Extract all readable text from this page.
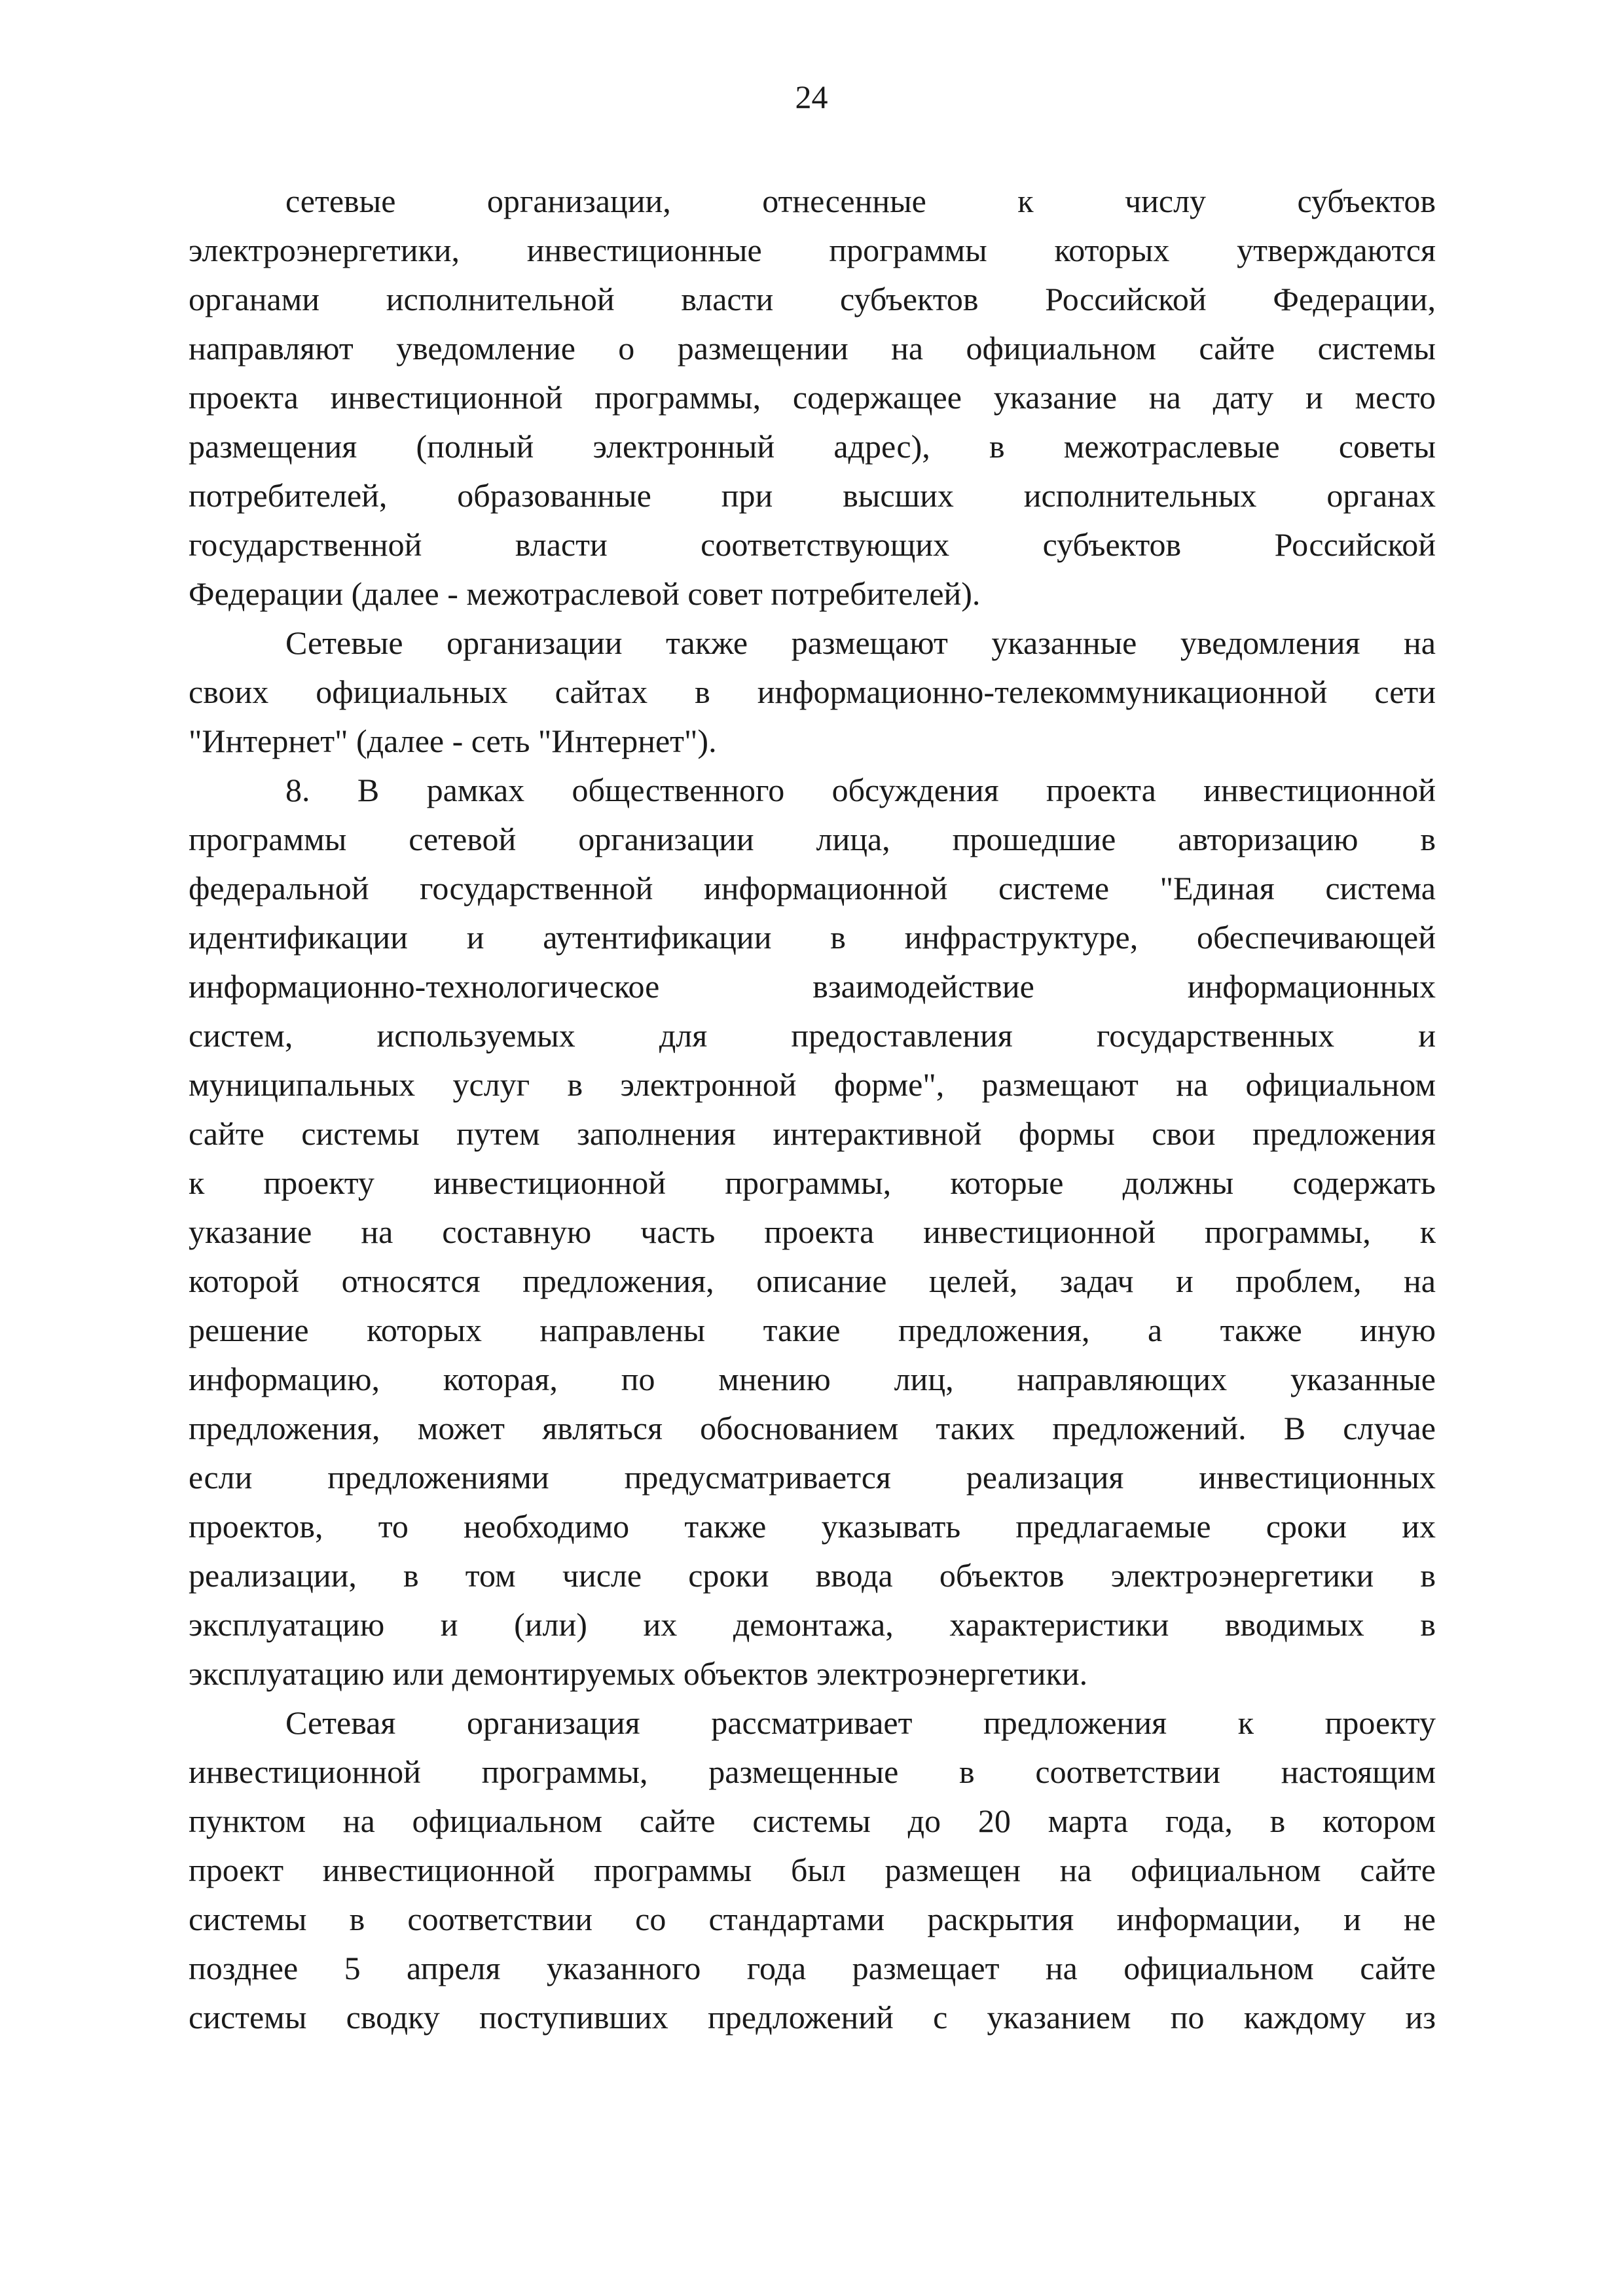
24
сетевые организации, отнесенные к числу субъектов
электроэнергетики, инвестиционные программы которых утверждаются
органами исполнительной власти субъектов Российской Федерации,
направляют уведомление о размещении на официальном сайте системы
проекта инвестиционной программы, содержащее указание на дату и место
размещения (полный электронный адрес), в межотраслевые советы
потребителей, образованные при высших исполнительных органах
государственной власти соответствующих субъектов Российской
Федерации (далее - межотраслевой совет потребителей).
Сетевые организации также размещают указанные уведомления на
своих официальных сайтах в информационно-телекоммуникационной сети
"Интернет" (далее - сеть "Интернет").
8. В рамках общественного обсуждения проекта инвестиционной
программы сетевой организации лица, прошедшие авторизацию в
федеральной государственной информационной системе "Единая система
идентификации и аутентификации в инфраструктуре, обеспечивающей
информационно-технологическое взаимодействие информационных
систем, используемых для предоставления государственных и
муниципальных услуг в электронной форме", размещают на официальном
сайте системы путем заполнения интерактивной формы свои предложения
к проекту инвестиционной программы, которые должны содержать
указание на составную часть проекта инвестиционной программы, к
которой относятся предложения, описание целей, задач и проблем, на
решение которых направлены такие предложения, а также иную
информацию, которая, по мнению лиц, направляющих указанные
предложения, может являться обоснованием таких предложений. В случае
если предложениями предусматривается реализация инвестиционных
проектов, то необходимо также указывать предлагаемые сроки их
реализации, в том числе сроки ввода объектов электроэнергетики в
эксплуатацию и (или) их демонтажа, характеристики вводимых в
эксплуатацию или демонтируемых объектов электроэнергетики.
Сетевая организация рассматривает предложения к проекту
инвестиционной программы, размещенные в соответствии настоящим
пунктом на официальном сайте системы до 20 марта года, в котором
проект инвестиционной программы был размещен на официальном сайте
системы в соответствии со стандартами раскрытия информации, и не
позднее 5 апреля указанного года размещает на официальном сайте
системы сводку поступивших предложений с указанием по каждому из
